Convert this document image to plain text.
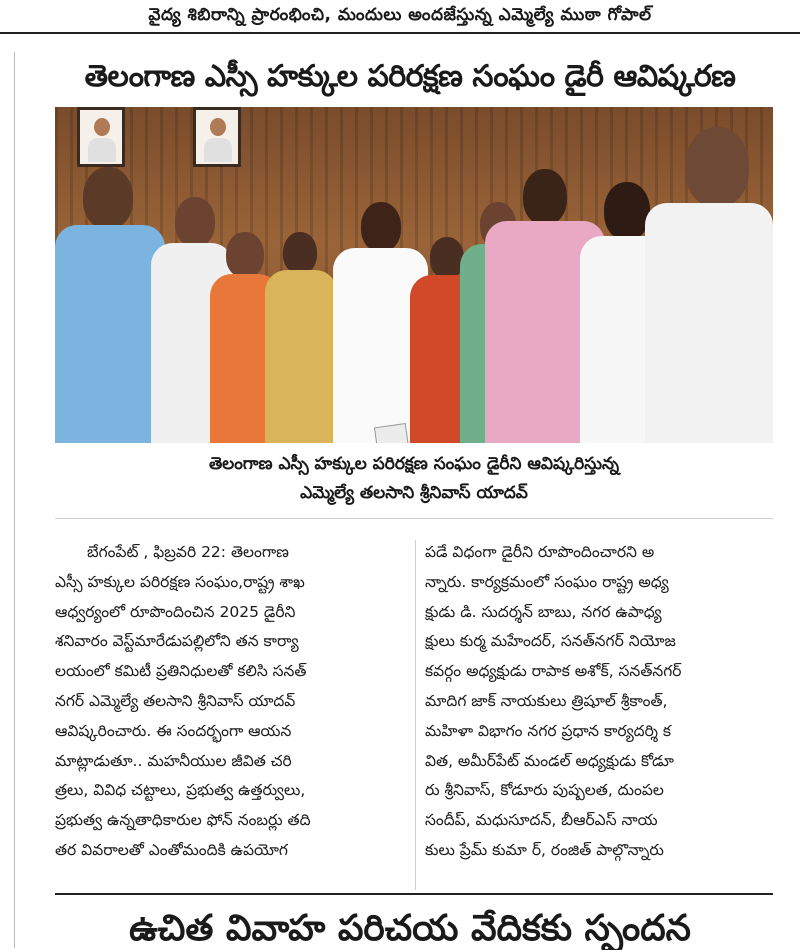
వైద్య శిబిరాన్ని ప్రారంభించి, మందులు అందజేస్తున్న ఎమ్మెల్యే ముఠా గోపాల్
తెలంగాణ ఎస్సీ హక్కుల పరిరక్షణ సంఘం డైరీ ఆవిష్కరణ
తెలంగాణ ఎస్సీ హక్కుల పరిరక్షణ సంఘం డైరీని ఆవిష్కరిస్తున్న
ఎమ్మెల్యే తలసాని శ్రీనివాస్ యాదవ్
బేగంపేట్ , ఫిబ్రవరి 22: తెలంగాణ
ఎస్సీ హక్కుల పరిరక్షణ సంఘం,రాష్ట్ర శాఖ
ఆధ్వర్యంలో రూపొందించిన 2025 డైరీని
శనివారం వెస్ట్‌మారేడుపల్లిలోని తన కార్యా
లయంలో కమిటీ ప్రతినిధులతో కలిసి సనత్
నగర్ ఎమ్మెల్యే తలసాని శ్రీనివాస్ యాదవ్
ఆవిష్కరించారు. ఈ సందర్భంగా ఆయన
మాట్లాడుతూ.. మహనీయుల జీవిత చరి
త్రలు, వివిధ చట్టాలు, ప్రభుత్వ ఉత్తర్వులు,
ప్రభుత్వ ఉన్నతాధికారుల ఫోన్ నంబర్లు తది
తర వివరాలతో ఎంతోమందికి ఉపయోగ
పడే విధంగా డైరీని రూపొందించారని అ
న్నారు. కార్యక్రమంలో సంఘం రాష్ట్ర అధ్య
క్షుడు డి. సుదర్శన్ బాబు, నగర ఉపాధ్య
క్షులు కుర్మ మహేందర్, సనత్‌నగర్ నియోజ
కవర్గం అధ్యక్షుడు రాపాక అశోక్, సనత్‌నగర్
మాదిగ జాక్ నాయకులు త్రిషూల్ శ్రీకాంత్,
మహిళా విభాగం నగర ప్రధాన కార్యదర్శి క
విత, అమీర్‌పేట్ మండల్ అధ్యక్షుడు కోడూ
రు శ్రీనివాస్, కోడూరు పుష్పలత, దుంపల
సందీప్, మధుసూదన్, బీఆర్ఎస్ నాయ
కులు ప్రేమ్ కుమా ర్, రంజిత్ పాల్గొన్నారు
ఉచిత వివాహ పరిచయ వేదికకు స్పందన
